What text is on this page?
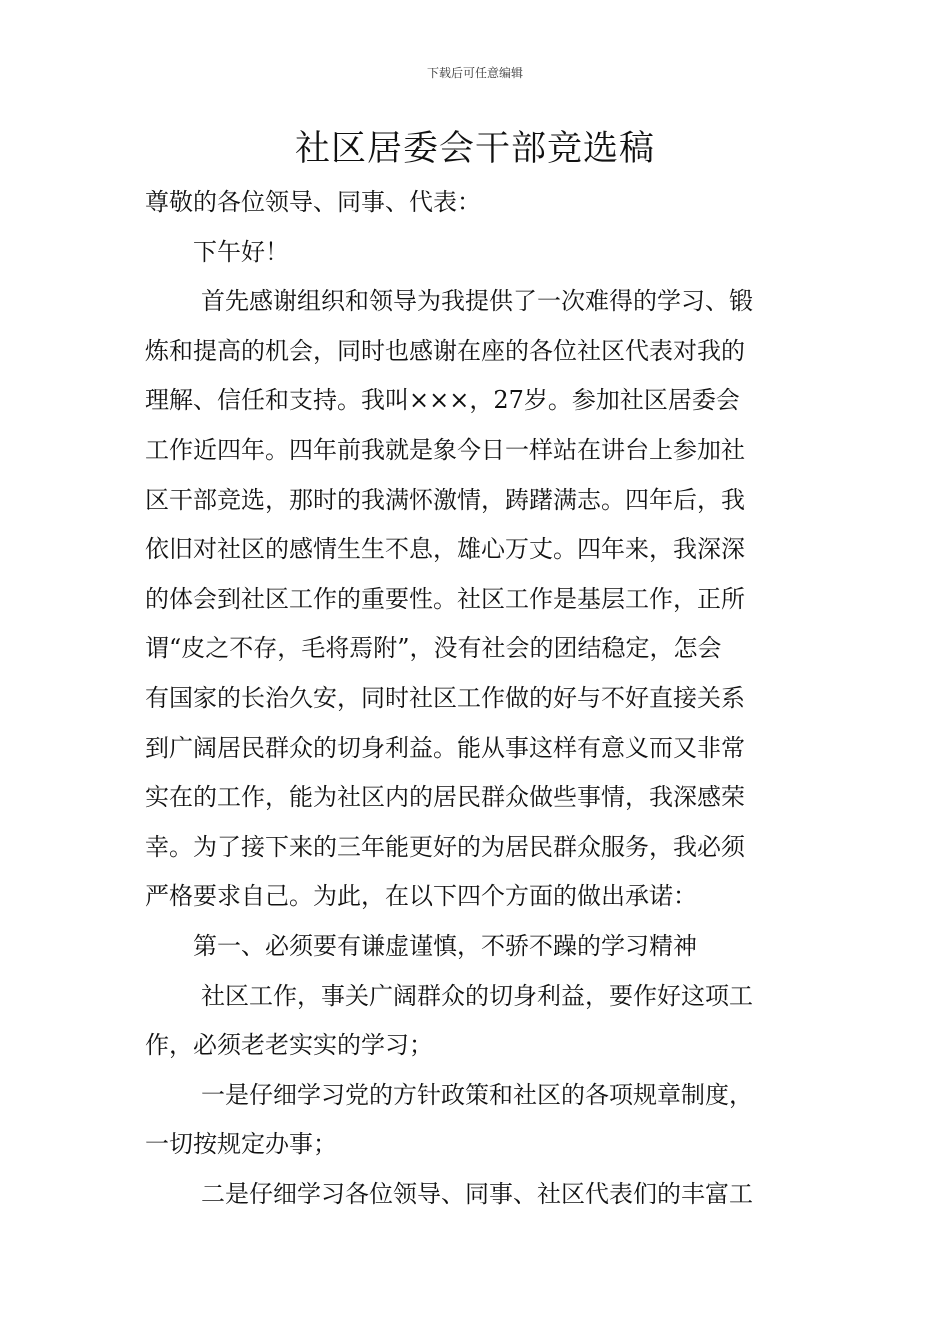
下载后可任意编辑
社区居委会干部竞选稿
尊敬的各位领导、同事、代表：
下午好！
首先感谢组织和领导为我提供了一次难得的学习、锻
炼和提高的机会，同时也感谢在座的各位社区代表对我的
理解、信任和支持。我叫×××，27岁。参加社区居委会
工作近四年。四年前我就是象今日一样站在讲台上参加社
区干部竞选，那时的我满怀激情，踌躇满志。四年后，我
依旧对社区的感情生生不息，雄心万丈。四年来，我深深
的体会到社区工作的重要性。社区工作是基层工作，正所
谓“皮之不存，毛将焉附”，没有社会的团结稳定，怎会
有国家的长治久安，同时社区工作做的好与不好直接关系
到广阔居民群众的切身利益。能从事这样有意义而又非常
实在的工作，能为社区内的居民群众做些事情，我深感荣
幸。为了接下来的三年能更好的为居民群众服务，我必须
严格要求自己。为此，在以下四个方面的做出承诺：
第一、必须要有谦虚谨慎，不骄不躁的学习精神
社区工作，事关广阔群众的切身利益，要作好这项工
作，必须老老实实的学习；
一是仔细学习党的方针政策和社区的各项规章制度，
一切按规定办事；
二是仔细学习各位领导、同事、社区代表们的丰富工
